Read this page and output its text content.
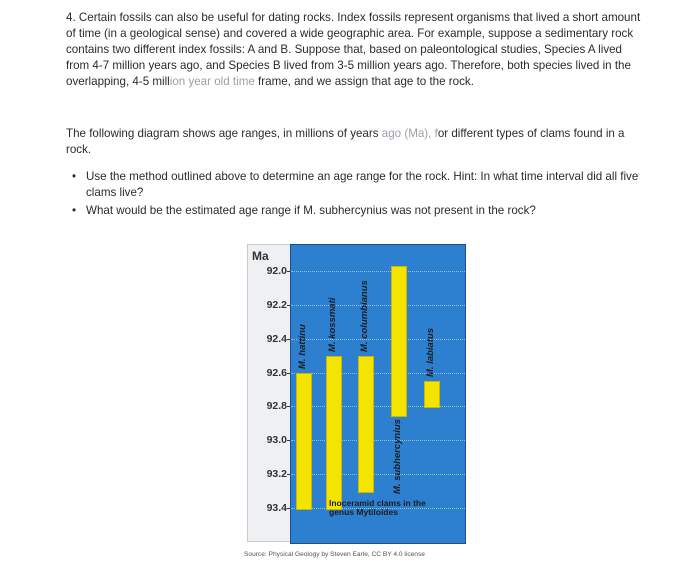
4. Certain fossils can also be useful for dating rocks. Index fossils represent organisms that lived a short amount of time (in a geological sense) and covered a wide geographic area. For example, suppose a sedimentary rock contains two different index fossils: A and B. Suppose that, based on paleontological studies, Species A lived from 4-7 million years ago, and Species B lived from 3-5 million years ago. Therefore, both species lived in the overlapping, 4-5 million year old time frame, and we assign that age to the rock.

The following diagram shows age ranges, in millions of years ago (Ma), for different types of clams found in a rock.

• Use the method outlined above to determine an age range for the rock. Hint: In what time interval did all five clams live?
• What would be the estimated age range if M. subhercynius was not present in the rock?
Ma
92.0
92.2
92.4
92.6
92.8
93.0
93.2
93.4
M. hattinu M. kossmati M. columbianus
M. subhercynius
M. labiatus
Inoceramid clams in the
genus Mytiloides
Source: Physical Geology by Steven Earle, CC BY 4.0 license
